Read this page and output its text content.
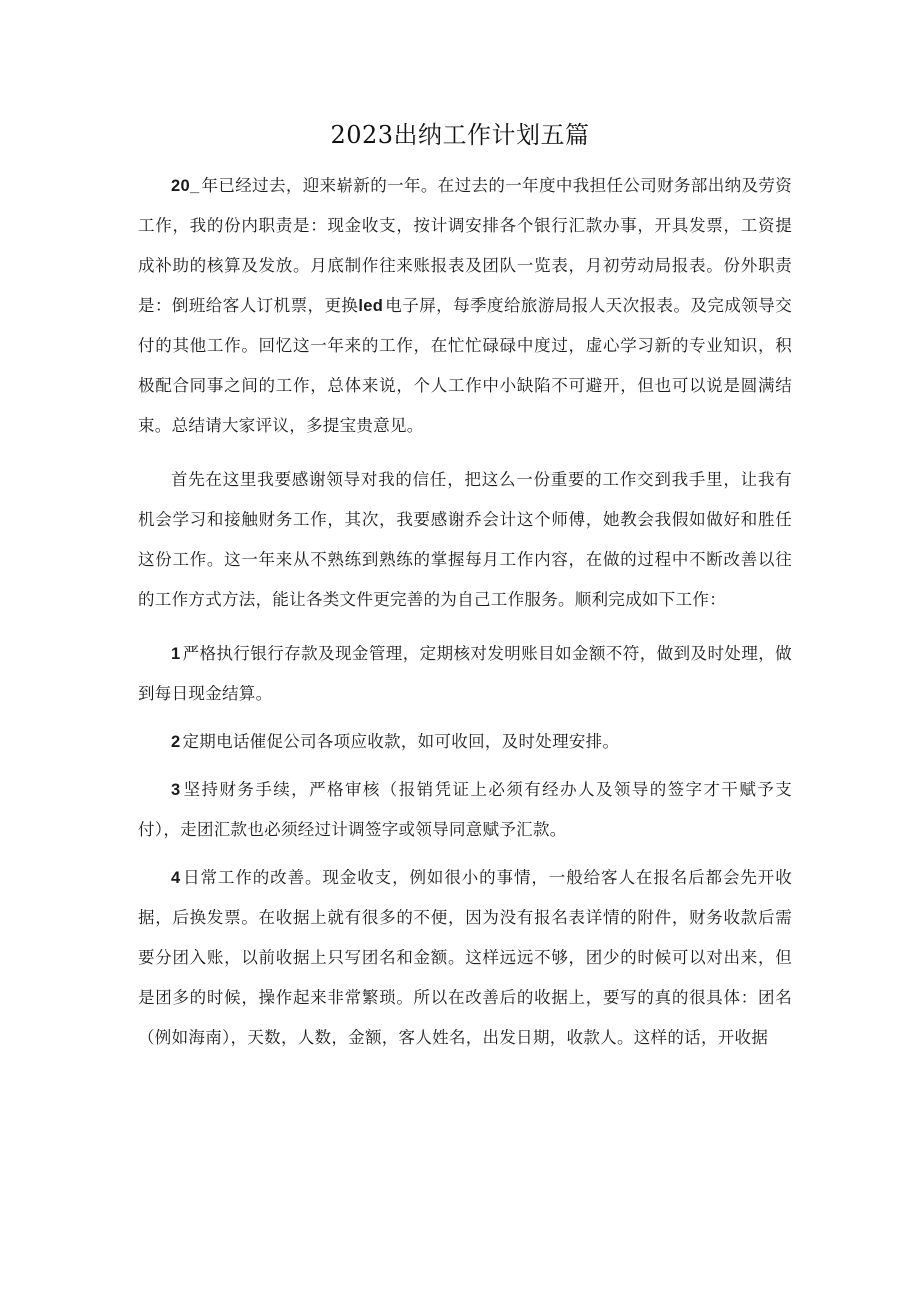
2023出纳工作计划五篇

20_ 年已经过去，迎来崭新的一年。在过去的一年度中我担任公司财务部出纳及劳资工作，我的份内职责是：现金收支，按计调安排各个银行汇款办事，开具发票，工资提成补助的核算及发放。月底制作往来账报表及团队一览表，月初劳动局报表。份外职责是：倒班给客人订机票，更换led 电子屏，每季度给旅游局报人天次报表。及完成领导交付的其他工作。回忆这一年来的工作，在忙忙碌碌中度过，虚心学习新的专业知识，积极配合同事之间的工作，总体来说，个人工作中小缺陷不可避开，但也可以说是圆满结束。总结请大家评议，多提宝贵意见。

首先在这里我要感谢领导对我的信任，把这么一份重要的工作交到我手里，让我有机会学习和接触财务工作，其次，我要感谢乔会计这个师傅，她教会我假如做好和胜任这份工作。这一年来从不熟练到熟练的掌握每月工作内容，在做的过程中不断改善以往的工作方式方法，能让各类文件更完善的为自己工作服务。顺利完成如下工作：

1 严格执行银行存款及现金管理，定期核对发明账目如金额不符，做到及时处理，做到每日现金结算。

2 定期电话催促公司各项应收款，如可收回，及时处理安排。

3 坚持财务手续，严格审核（报销凭证上必须有经办人及领导的签字才干赋予支付），走团汇款也必须经过计调签字或领导同意赋予汇款。

4 日常工作的改善。现金收支，例如很小的事情，一般给客人在报名后都会先开收据，后换发票。在收据上就有很多的不便，因为没有报名表详情的附件，财务收款后需要分团入账，以前收据上只写团名和金额。这样远远不够，团少的时候可以对出来，但是团多的时候，操作起来非常繁琐。所以在改善后的收据上，要写的真的很具体：团名（例如海南），天数，人数，金额，客人姓名，出发日期，收款人。这样的话，开收据
